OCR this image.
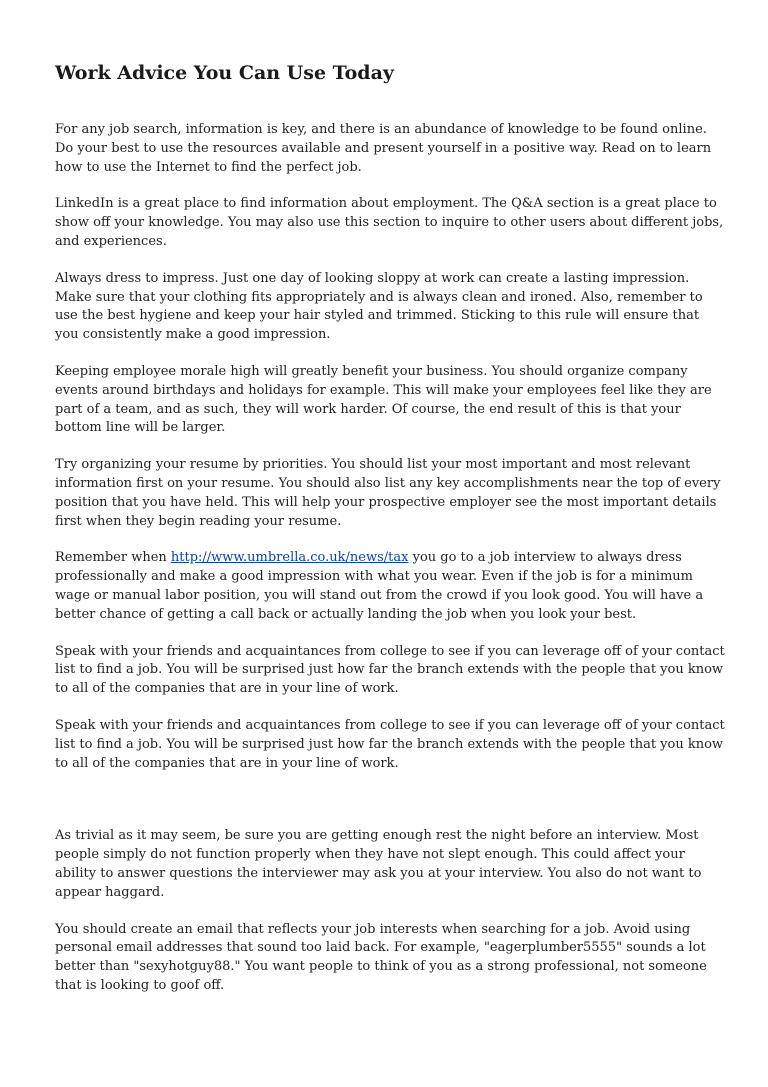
Work Advice You Can Use Today
For any job search, information is key, and there is an abundance of knowledge to be found online.
Do your best to use the resources available and present yourself in a positive way. Read on to learn
how to use the Internet to find the perfect job.
LinkedIn is a great place to find information about employment. The Q&A section is a great place to
show off your knowledge. You may also use this section to inquire to other users about different jobs,
and experiences.
Always dress to impress. Just one day of looking sloppy at work can create a lasting impression.
Make sure that your clothing fits appropriately and is always clean and ironed. Also, remember to
use the best hygiene and keep your hair styled and trimmed. Sticking to this rule will ensure that
you consistently make a good impression.
Keeping employee morale high will greatly benefit your business. You should organize company
events around birthdays and holidays for example. This will make your employees feel like they are
part of a team, and as such, they will work harder. Of course, the end result of this is that your
bottom line will be larger.
Try organizing your resume by priorities. You should list your most important and most relevant
information first on your resume. You should also list any key accomplishments near the top of every
position that you have held. This will help your prospective employer see the most important details
first when they begin reading your resume.
Remember when http://www.umbrella.co.uk/news/tax you go to a job interview to always dress
professionally and make a good impression with what you wear. Even if the job is for a minimum
wage or manual labor position, you will stand out from the crowd if you look good. You will have a
better chance of getting a call back or actually landing the job when you look your best.
Speak with your friends and acquaintances from college to see if you can leverage off of your contact
list to find a job. You will be surprised just how far the branch extends with the people that you know
to all of the companies that are in your line of work.
Speak with your friends and acquaintances from college to see if you can leverage off of your contact
list to find a job. You will be surprised just how far the branch extends with the people that you know
to all of the companies that are in your line of work.
As trivial as it may seem, be sure you are getting enough rest the night before an interview. Most
people simply do not function properly when they have not slept enough. This could affect your
ability to answer questions the interviewer may ask you at your interview. You also do not want to
appear haggard.
You should create an email that reflects your job interests when searching for a job. Avoid using
personal email addresses that sound too laid back. For example, "eagerplumber5555" sounds a lot
better than "sexyhotguy88." You want people to think of you as a strong professional, not someone
that is looking to goof off.
